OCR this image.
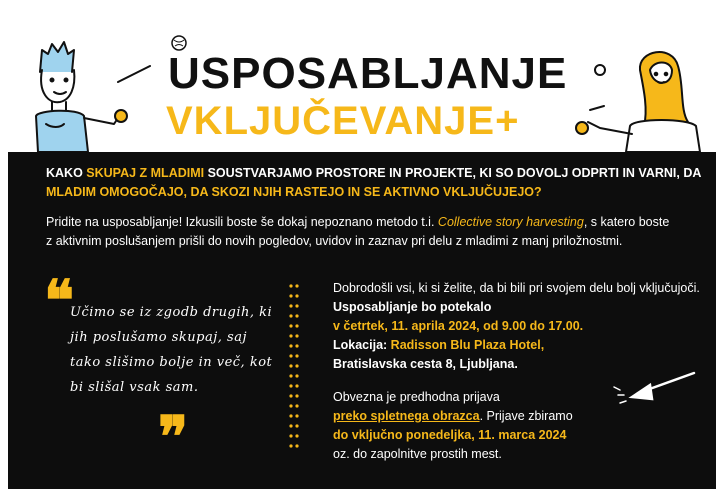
USPOSABLJANJE
VKLJUČEVANJE+
KAKO SKUPAJ Z MLADIMI SOUSTVARJAMO PROSTORE IN PROJEKTE, KI SO DOVOLJ ODPRTI IN VARNI, DA MLADIM OMOGOČAJO, DA SKOZI NJIH RASTEJO IN SE AKTIVNO VKLJUČUJEJO?
Pridite na usposabljanje! Izkusili boste še dokaj nepoznano metodo t.i. Collective story harvesting, s katero boste z aktivnim poslušanjem prišli do novih pogledov, uvidov in zaznav pri delu z mladimi z manj priložnostmi.
❝
Učimo se iz zgodb drugih, ki jih poslušamo skupaj, saj tako slišimo bolje in več, kot bi slišal vsak sam.
❞
Dobrodošli vsi, ki si želite, da bi bili pri svojem delu bolj vključujoči. Usposabljanje bo potekalo
v četrtek, 11. aprila 2024, od 9.00 do 17.00.
Lokacija: Radisson Blu Plaza Hotel,
Bratislavska cesta 8, Ljubljana.
Obvezna je predhodna prijava
preko spletnega obrazca. Prijave zbiramo
do vključno ponedeljka, 11. marca 2024
oz. do zapolnitve prostih mest.
